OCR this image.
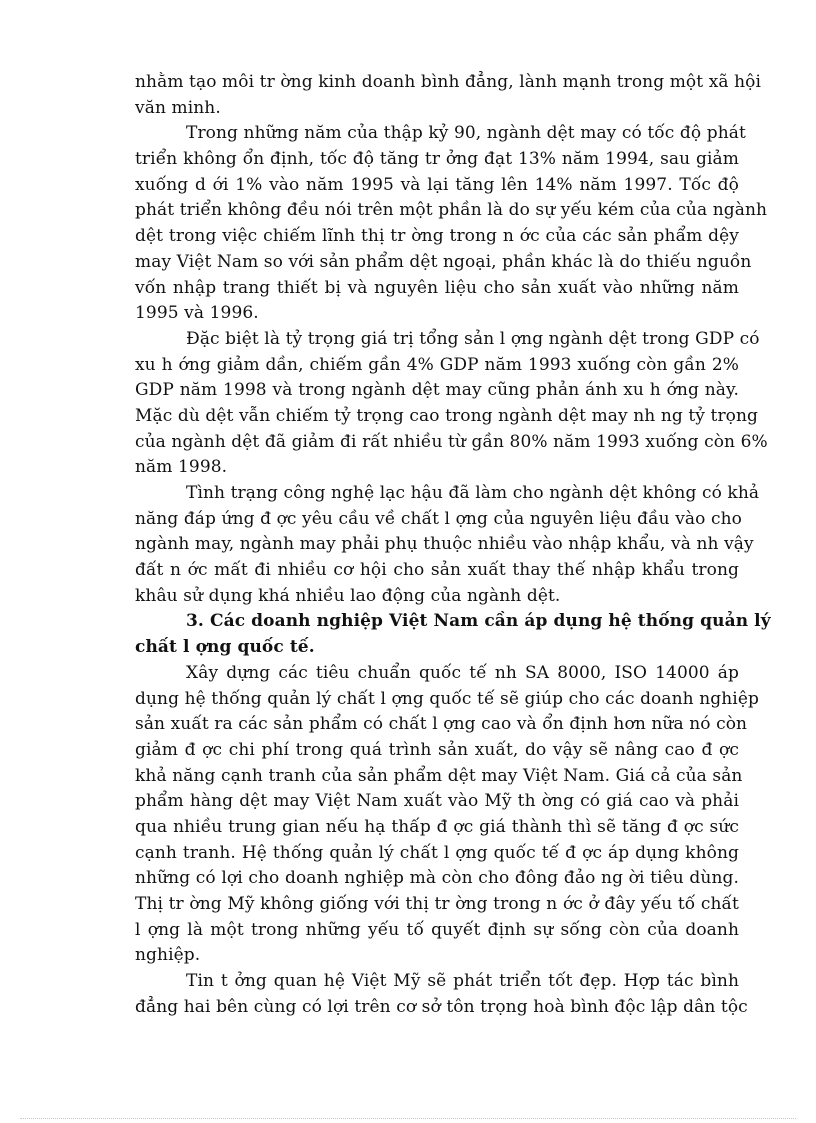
nhằm tạo môi tr ờng kinh doanh bình đẳng, lành mạnh trong một xã hội
văn minh.
Trong những năm của thập kỷ 90, ngành dệt may có tốc độ phát
triển không ổn định, tốc độ tăng tr ởng đạt 13% năm 1994, sau giảm
xuống d ới 1% vào năm 1995 và lại tăng lên 14% năm 1997. Tốc độ
phát triển không đều nói trên một phần là do sự yếu kém của của ngành
dệt trong việc chiếm lĩnh thị tr ờng trong n ớc của các sản phẩm dệy
may Việt Nam so với sản phẩm dệt ngoại, phần khác là do thiếu nguồn
vốn nhập trang thiết bị và nguyên liệu cho sản xuất vào những năm
1995 và 1996.
Đặc biệt là tỷ trọng giá trị tổng sản l ợng ngành dệt trong GDP có
xu h ớng giảm dần, chiếm gần 4% GDP năm 1993 xuống còn gần 2%
GDP năm 1998 và trong ngành dệt may cũng phản ánh xu h ớng này.
Mặc dù dệt vẫn chiếm tỷ trọng cao trong ngành dệt may nh ng tỷ trọng
của ngành dệt đã giảm đi rất nhiều từ gần 80% năm 1993 xuống còn 6%
năm 1998.
Tình trạng công nghệ lạc hậu đã làm cho ngành dệt không có khả
năng đáp ứng đ ợc yêu cầu về chất l ợng của nguyên liệu đầu vào cho
ngành may, ngành may phải phụ thuộc nhiều vào nhập khẩu, và nh vậy
đất n ớc mất đi nhiều cơ hội cho sản xuất thay thế nhập khẩu trong
khâu sử dụng khá nhiều lao động của ngành dệt.
3. Các doanh nghiệp Việt Nam cần áp dụng hệ thống quản lý
chất l ợng quốc tế.
Xây dựng các tiêu chuẩn quốc tế nh SA 8000, ISO 14000 áp
dụng hệ thống quản lý chất l ợng quốc tế sẽ giúp cho các doanh nghiệp
sản xuất ra các sản phẩm có chất l ợng cao và ổn định hơn nữa nó còn
giảm đ ợc chi phí trong quá trình sản xuất, do vậy sẽ nâng cao đ ợc
khả năng cạnh tranh của sản phẩm dệt may Việt Nam. Giá cả của sản
phẩm hàng dệt may Việt Nam xuất vào Mỹ th ờng có giá cao và phải
qua nhiều trung gian nếu hạ thấp đ ợc giá thành thì sẽ tăng đ ợc sức
cạnh tranh. Hệ thống quản lý chất l ợng quốc tế đ ợc áp dụng không
những có lợi cho doanh nghiệp mà còn cho đông đảo ng ời tiêu dùng.
Thị tr ờng Mỹ không giống với thị tr ờng trong n ớc ở đây yếu tố chất
l ợng là một trong những yếu tố quyết định sự sống còn của doanh
nghiệp.
Tin t ởng quan hệ Việt Mỹ sẽ phát triển tốt đẹp. Hợp tác bình
đẳng hai bên cùng có lợi trên cơ sở tôn trọng hoà bình độc lập dân tộc
